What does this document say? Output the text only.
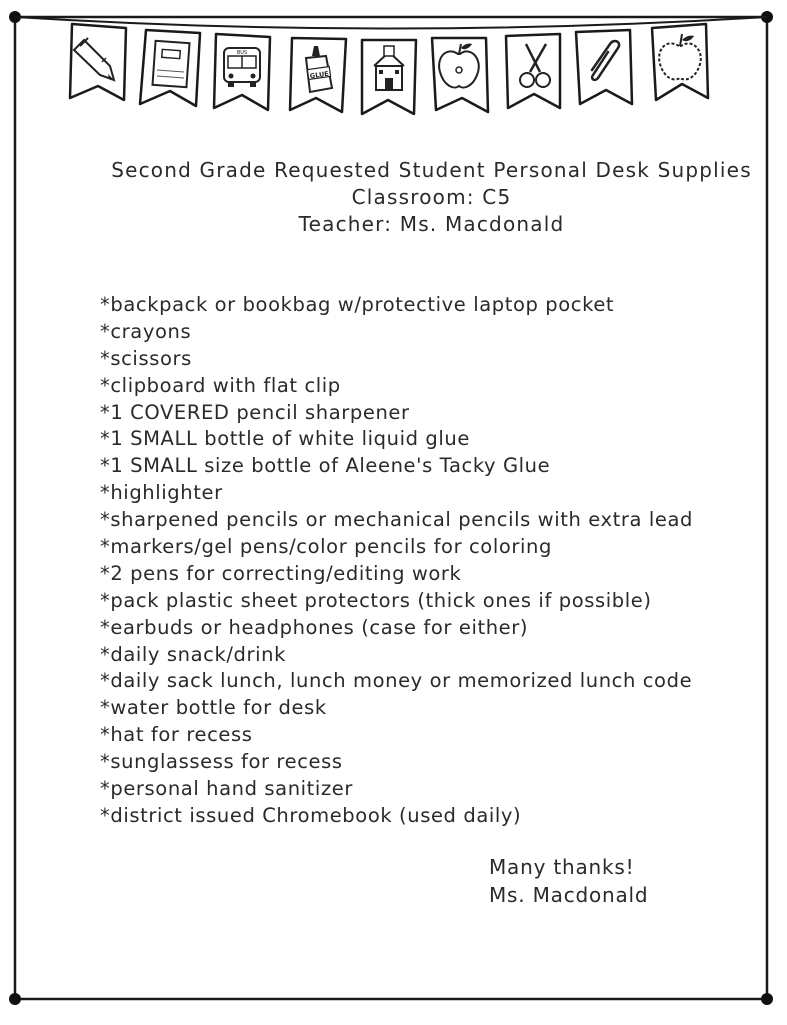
BUS
GLUE
Second Grade Requested Student Personal Desk Supplies
Classroom: C5
Teacher: Ms. Macdonald
*backpack or bookbag w/protective laptop pocket
*crayons
*scissors
*clipboard with flat clip
*1 COVERED pencil sharpener
*1 SMALL bottle of white liquid glue
*1 SMALL size bottle of Aleene's Tacky Glue
*highlighter
*sharpened pencils or mechanical pencils with extra lead
*markers/gel pens/color pencils for coloring
*2 pens for correcting/editing work
*pack plastic sheet protectors (thick ones if possible)
*earbuds or headphones (case for either)
*daily snack/drink
*daily sack lunch, lunch money or memorized lunch code
*water bottle for desk
*hat for recess
*sunglassess for recess
*personal hand sanitizer
*district issued Chromebook (used daily)
Many thanks!
Ms. Macdonald
